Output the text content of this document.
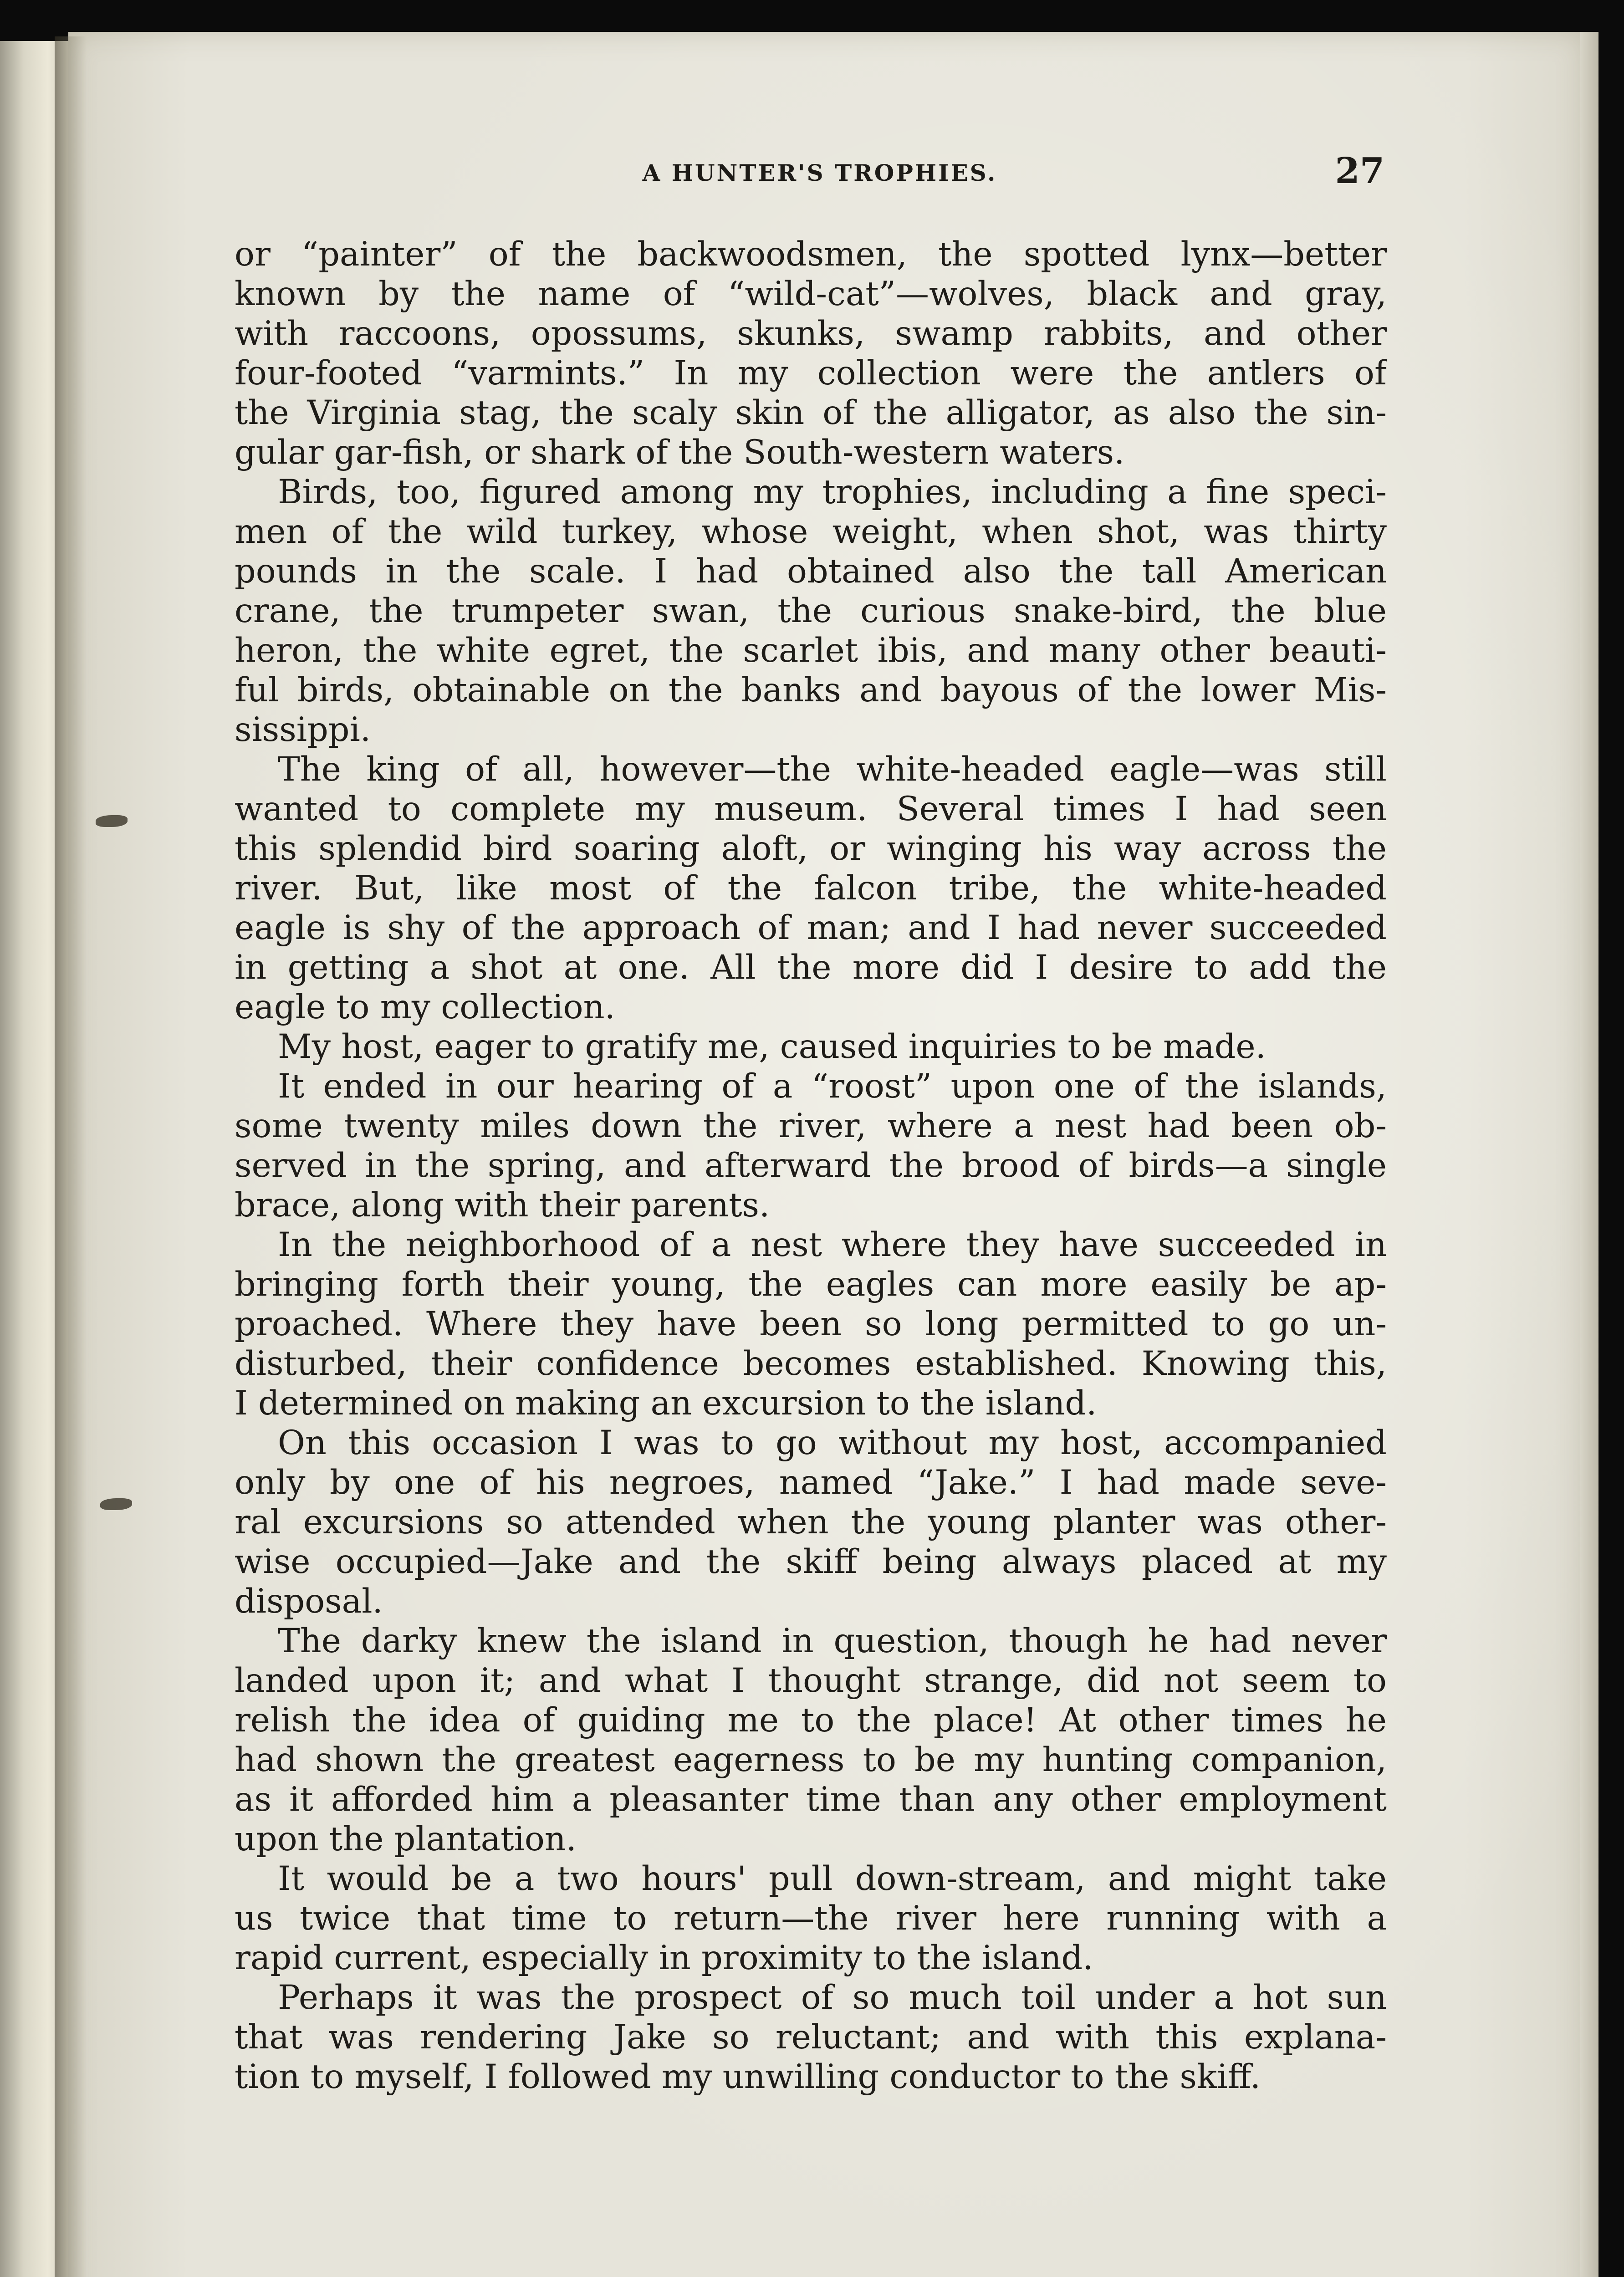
A HUNTER'S TROPHIES.	27
or “painter” of the backwoodsmen, the spotted lynx—better
known by the name of “wild-cat”—wolves, black and gray,
with raccoons, opossums, skunks, swamp rabbits, and other
four-footed “varmints.” In my collection were the antlers of
the Virginia stag, the scaly skin of the alligator, as also the sin-
gular gar-fish, or shark of the South-western waters.
Birds, too, figured among my trophies, including a fine speci-
men of the wild turkey, whose weight, when shot, was thirty
pounds in the scale. I had obtained also the tall American
crane, the trumpeter swan, the curious snake-bird, the blue
heron, the white egret, the scarlet ibis, and many other beauti-
ful birds, obtainable on the banks and bayous of the lower Mis-
sissippi.
The king of all, however—the white-headed eagle—was still
wanted to complete my museum. Several times I had seen
this splendid bird soaring aloft, or winging his way across the
river. But, like most of the falcon tribe, the white-headed
eagle is shy of the approach of man; and I had never succeeded
in getting a shot at one. All the more did I desire to add the
eagle to my collection.
My host, eager to gratify me, caused inquiries to be made.
It ended in our hearing of a “roost” upon one of the islands,
some twenty miles down the river, where a nest had been ob-
served in the spring, and afterward the brood of birds—a single
brace, along with their parents.
In the neighborhood of a nest where they have succeeded in
bringing forth their young, the eagles can more easily be ap-
proached. Where they have been so long permitted to go un-
disturbed, their confidence becomes established. Knowing this,
I determined on making an excursion to the island.
On this occasion I was to go without my host, accompanied
only by one of his negroes, named “Jake.” I had made seve-
ral excursions so attended when the young planter was other-
wise occupied—Jake and the skiff being always placed at my
disposal.
The darky knew the island in question, though he had never
landed upon it; and what I thought strange, did not seem to
relish the idea of guiding me to the place! At other times he
had shown the greatest eagerness to be my hunting companion,
as it afforded him a pleasanter time than any other employment
upon the plantation.
It would be a two hours' pull down-stream, and might take
us twice that time to return—the river here running with a
rapid current, especially in proximity to the island.
Perhaps it was the prospect of so much toil under a hot sun
that was rendering Jake so reluctant; and with this explana-
tion to myself, I followed my unwilling conductor to the skiff.
